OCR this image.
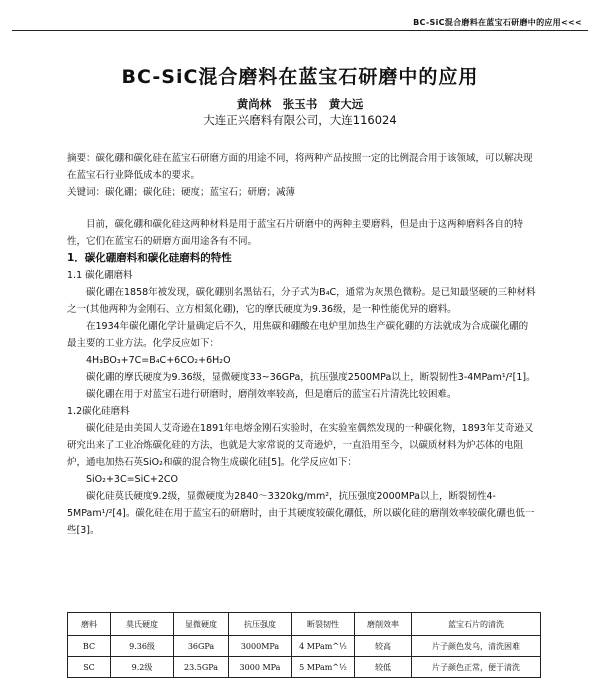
BC-SiC混合磨料在蓝宝石研磨中的应用<<<
BC-SiC混合磨料在蓝宝石研磨中的应用
黄尚林　张玉书　黄大远
大连正兴磨料有限公司，大连116024
摘要：碳化硼和碳化硅在蓝宝石研磨方面的用途不同，将两种产品按照一定的比例混合用于该领域，可以解决现在蓝宝石行业降低成本的要求。
关键词：碳化硼；碳化硅；硬度；蓝宝石；研磨；减薄

目前，碳化硼和碳化硅这两种材料是用于蓝宝石片研磨中的两种主要磨料，但是由于这两种磨料各自的特性，它们在蓝宝石的研磨方面用途各有不同。

1．碳化硼磨料和碳化硅磨料的特性

1.1 碳化硼磨料

碳化硼在1858年被发现，碳化硼别名黑钻石，分子式为B₄C，通常为灰黑色微粉。是已知最坚硬的三种材料之一(其他两种为金刚石、立方相氮化硼)，它的摩氏硬度为9.36级，是一种性能优异的磨料。

在1934年碳化硼化学计量确定后不久，用焦碳和硼酸在电炉里加热生产碳化硼的方法就成为合成碳化硼的最主要的工业方法。化学反应如下：

4H₃BO₃+7C=B₄C+6CO₂+6H₂O

碳化硼的摩氏硬度为9.36级，显微硬度33~36GPa，抗压强度2500MPa以上，断裂韧性3-4MPam¹/²[1]。

碳化硼在用于对蓝宝石进行研磨时，磨削效率较高，但是磨后的蓝宝石片清洗比较困难。

1.2碳化硅磨料

碳化硅是由美国人艾奇逊在1891年电熔金刚石实验时，在实验室偶然发现的一种碳化物，1893年艾奇逊又研究出来了工业冶炼碳化硅的方法，也就是大家常说的艾奇逊炉，一直沿用至今，以碳质材料为炉芯体的电阻炉，通电加热石英SiO₂和碳的混合物生成碳化硅[5]。化学反应如下：

SiO₂+3C=SiC+2CO

碳化硅莫氏硬度9.2级，显微硬度为2840～3320kg/mm²，抗压强度2000MPa以上，断裂韧性4-5MPam¹/²[4]。碳化硅在用于蓝宝石的研磨时，由于其硬度较碳化硼低，所以碳化硅的磨削效率较碳化硼也低一些[3]。

磨料	莫氏硬度	显微硬度	抗压强度	断裂韧性	磨削效率	蓝宝石片的清洗
BC	9.36级	36GPa	3000MPa	4 MPam^½	较高	片子颜色发乌，清洗困难
SC	9.2级	23.5GPa	3000 MPa	5 MPam^½	较低	片子颜色正常，便于清洗
